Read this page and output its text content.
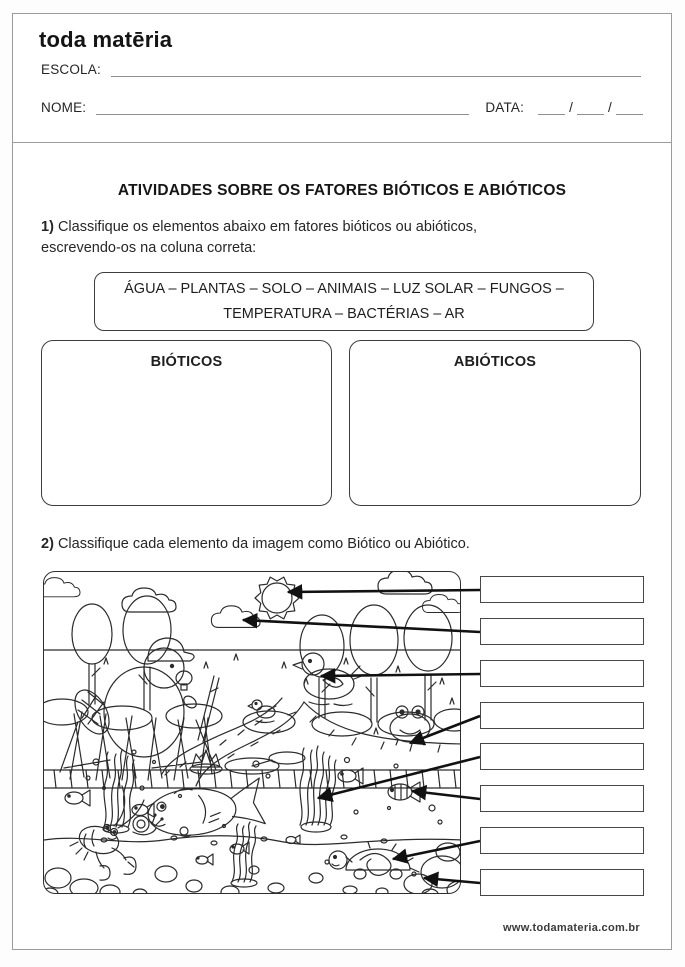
toda matēria
ESCOLA:
NOME:	DATA:	/	/
ATIVIDADES SOBRE OS FATORES BIÓTICOS E ABIÓTICOS
1) Classifique os elementos abaixo em fatores bióticos ou abióticos,
escrevendo-os na coluna correta:
ÁGUA – PLANTAS – SOLO – ANIMAIS – LUZ SOLAR – FUNGOS –
TEMPERATURA – BACTÉRIAS – AR
BIÓTICOS	ABIÓTICOS
2) Classifique cada elemento da imagem como Biótico ou Abiótico.
www.todamateria.com.br
